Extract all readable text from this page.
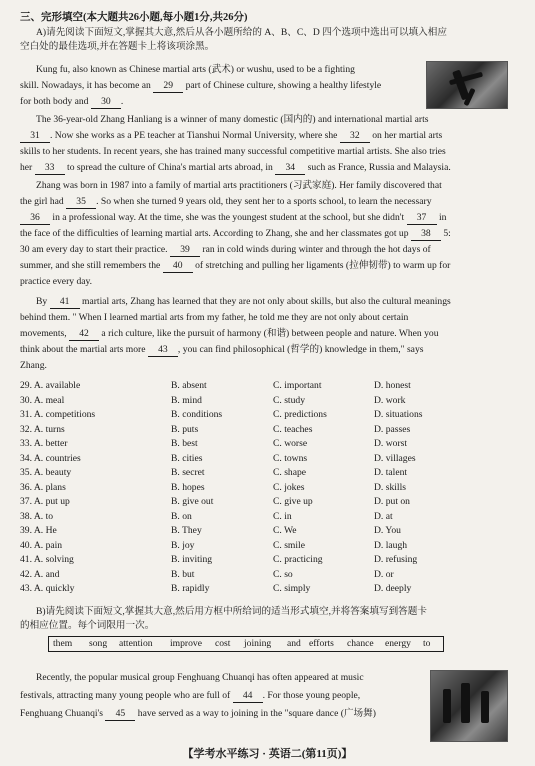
三、完形填空(本大题共26小题,每小题1分,共26分)
A)请先阅读下面短文,掌握其大意,然后从各小题所给的 A、B、C、D 四个选项中选出可以填入相应
空白处的最佳选项,并在答题卡上将该项涂黑。
Kung fu, also known as Chinese martial arts (武术) or wushu, used to be a fighting
skill. Nowadays, it has become an 29 part of Chinese culture, showing a healthy lifestyle
for both body and 30 .
The 36-year-old Zhang Hanliang is a winner of many domestic (国内的) and international martial arts
31 . Now she works as a PE teacher at Tianshui Normal University, where she 32 on her martial arts
skills to her students. In recent years, she has trained many successful competitive martial artists. She also tries
her 33 to spread the culture of China's martial arts abroad, in 34 such as France, Russia and Malaysia.
Zhang was born in 1987 into a family of martial arts practitioners (习武家庭). Her family discovered that
the girl had 35 . So when she turned 9 years old, they sent her to a sports school, to learn the necessary
36 in a professional way. At the time, she was the youngest student at the school, but she didn't 37 in
the face of the difficulties of learning martial arts. According to Zhang, she and her classmates got up 38 5:
30 am every day to start their practice. 39 ran in cold winds during winter and through the hot days of
summer, and she still remembers the 40 of stretching and pulling her ligaments (拉伸韧带) to warm up for
practice every day.
By 41 martial arts, Zhang has learned that they are not only about skills, but also the cultural meanings
behind them. " When I learned martial arts from my father, he told me they are not only about certain
movements, 42 a rich culture, like the pursuit of harmony (和谐) between people and nature. When you
think about the martial arts more 43 , you can find philosophical (哲学的) knowledge in them," says
Zhang.
29. A. available	B. absent	C. important	D. honest
30. A. meal	B. mind	C. study	D. work
31. A. competitions	B. conditions	C. predictions	D. situations
32. A. turns	B. puts	C. teaches	D. passes
33. A. better	B. best	C. worse	D. worst
34. A. countries	B. cities	C. towns	D. villages
35. A. beauty	B. secret	C. shape	D. talent
36. A. plans	B. hopes	C. jokes	D. skills
37. A. put up	B. give out	C. give up	D. put on
38. A. to	B. on	C. in	D. at
39. A. He	B. They	C. We	D. You
40. A. pain	B. joy	C. smile	D. laugh
41. A. solving	B. inviting	C. practicing	D. refusing
42. A. and	B. but	C. so	D. or
43. A. quickly	B. rapidly	C. simply	D. deeply
B)请先阅读下面短文,掌握其大意,然后用方框中所给词的适当形式填空,并将答案填写到答题卡
的相应位置。每个词限用一次。
them song attention improve cost joining and efforts chance energy to
Recently, the popular musical group Fenghuang Chuanqi has often appeared at music
festivals, attracting many young people who are full of 44 . For those young people,
Fenghuang Chuanqi's 45 have served as a way to joining in the "square dance (广场舞)
【学考水平练习 · 英语二(第11页)】
